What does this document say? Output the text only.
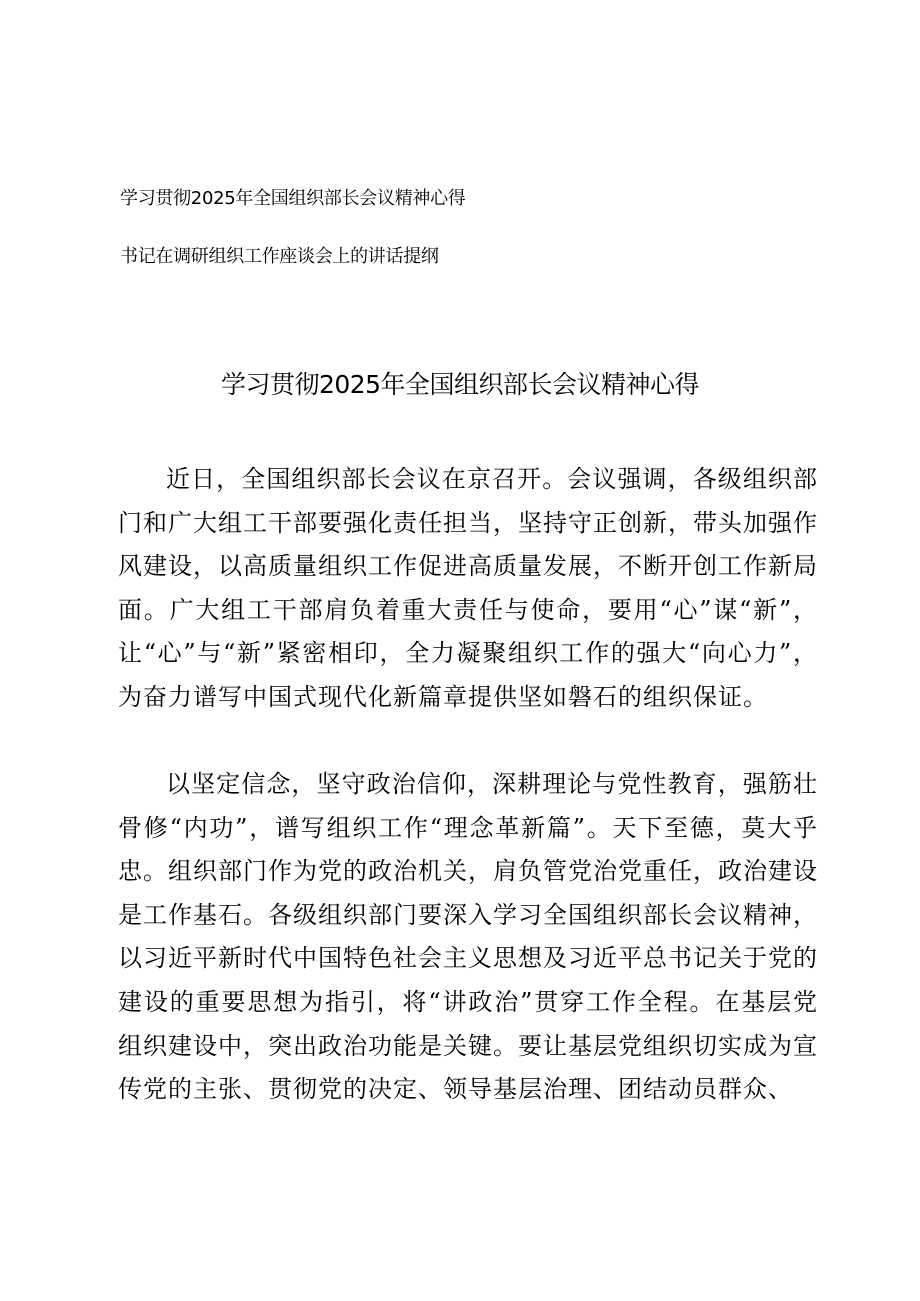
学习贯彻2025年全国组织部长会议精神心得
书记在调研组织工作座谈会上的讲话提纲
学习贯彻2025年全国组织部长会议精神心得

近日，全国组织部长会议在京召开。会议强调，各级组织部门和广大组工干部要强化责任担当，坚持守正创新，带头加强作风建设，以高质量组织工作促进高质量发展，不断开创工作新局面。广大组工干部肩负着重大责任与使命，要用“心”谋“新”，让“心”与“新”紧密相印，全力凝聚组织工作的强大“向心力”，为奋力谱写中国式现代化新篇章提供坚如磐石的组织保证。

以坚定信念，坚守政治信仰，深耕理论与党性教育，强筋壮骨修“内功”，谱写组织工作“理念革新篇”。天下至德，莫大乎忠。组织部门作为党的政治机关，肩负管党治党重任，政治建设是工作基石。各级组织部门要深入学习全国组织部长会议精神，以习近平新时代中国特色社会主义思想及习近平总书记关于党的建设的重要思想为指引，将“讲政治”贯穿工作全程。在基层党组织建设中，突出政治功能是关键。要让基层党组织切实成为宣传党的主张、贯彻党的决定、领导基层治理、团结动员群众、
